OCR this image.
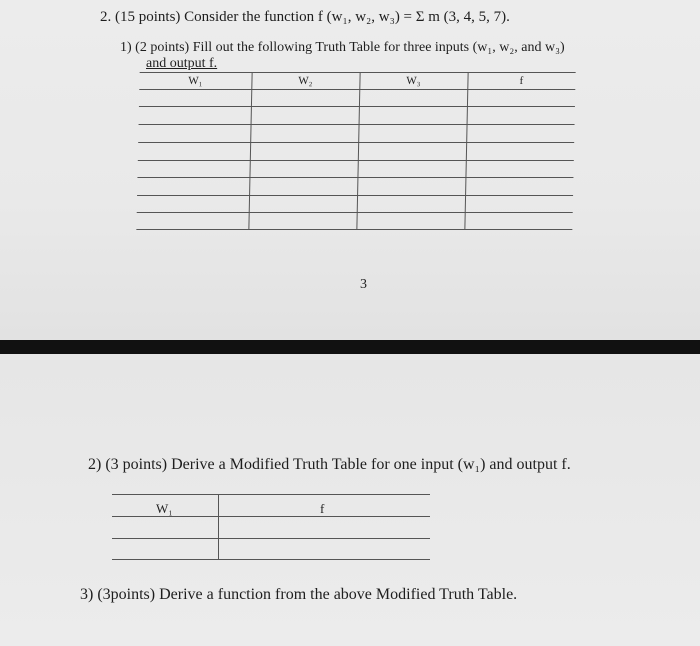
2. (15 points) Consider the function f (w₁, w₂, w₃) = Σ m (3, 4, 5, 7).
1) (2 points) Fill out the following Truth Table for three inputs (w₁, w₂, and w₃)
and output f.
W₁	W₂	W₃	f
3
2) (3 points) Derive a Modified Truth Table for one input (w₁) and output f.
W₁	f
3) (3points) Derive a function from the above Modified Truth Table.
